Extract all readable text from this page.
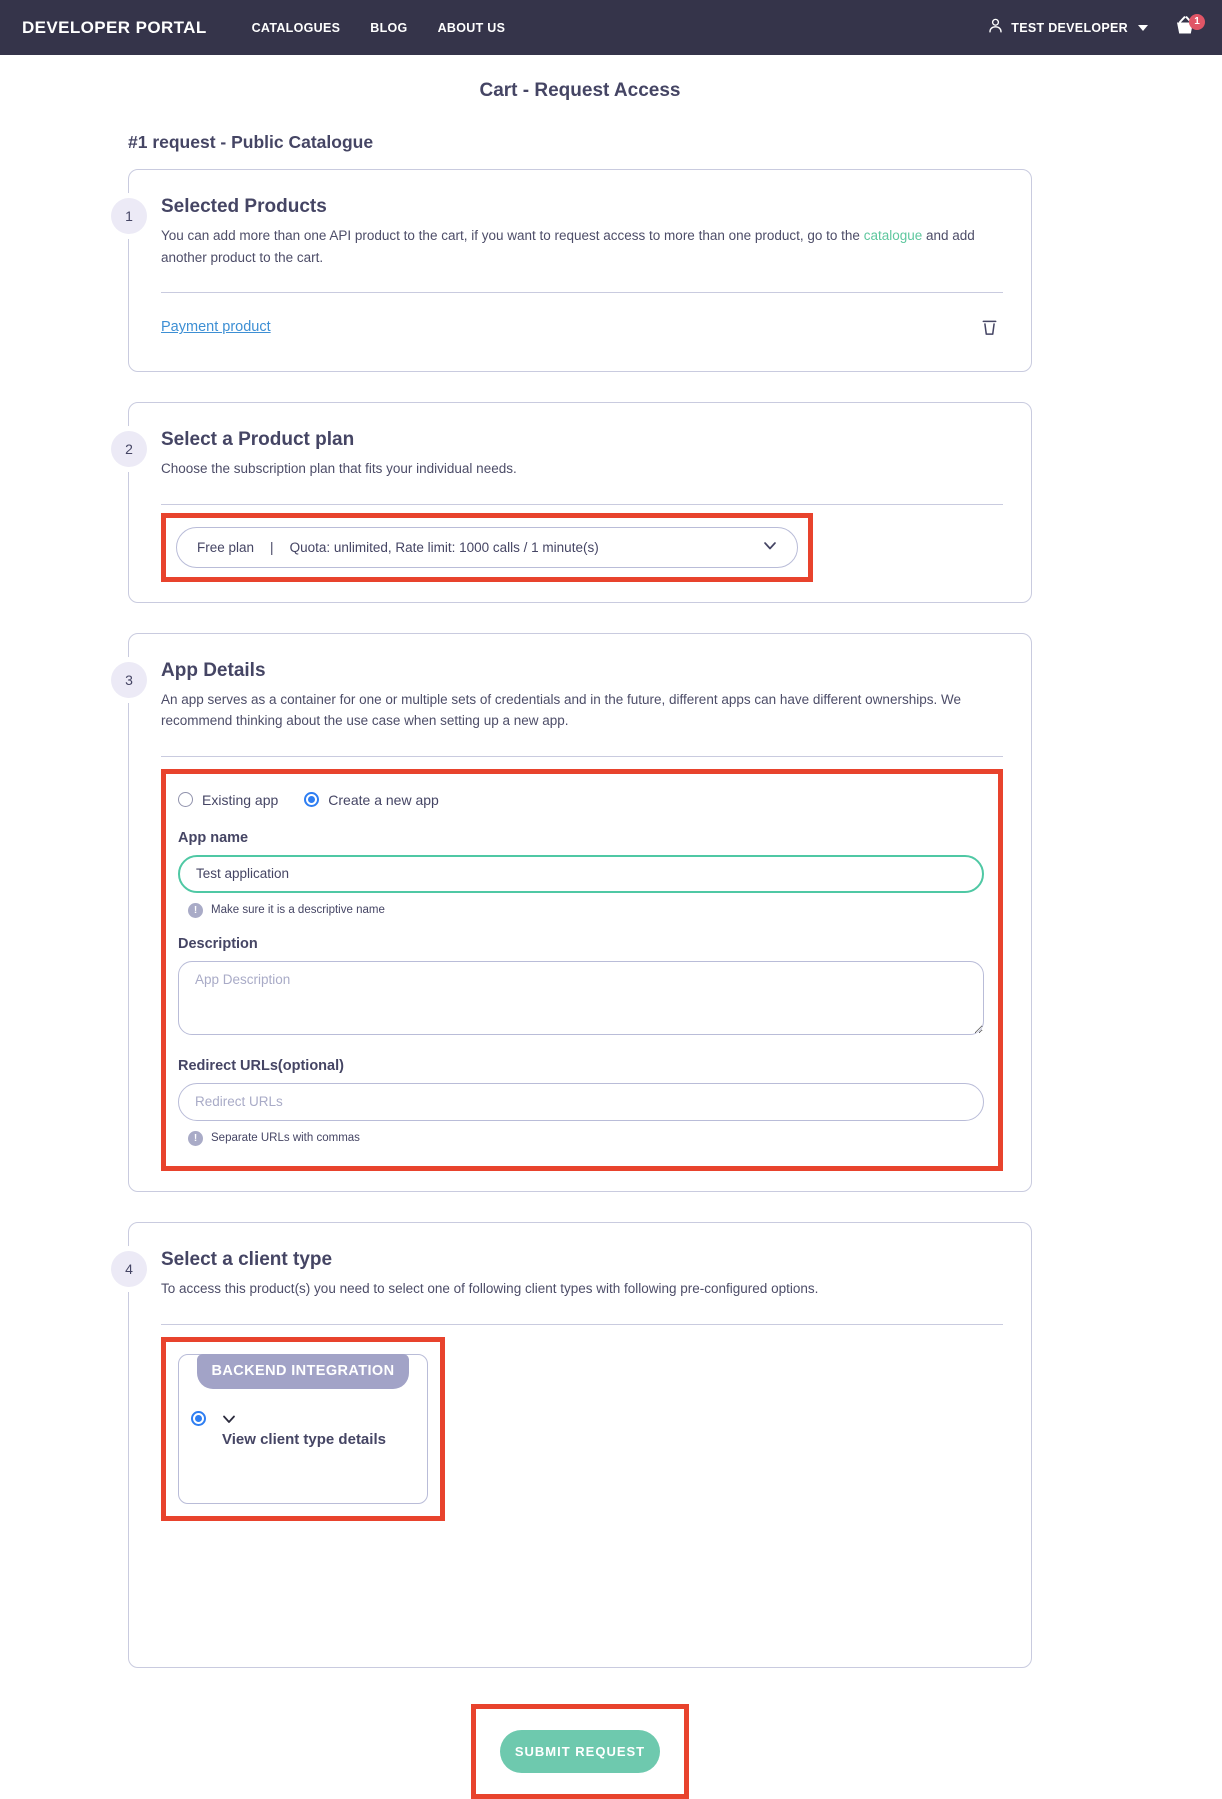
DEVELOPER PORTAL	CATALOGUES BLOG ABOUT US	TEST DEVELOPER	1
Cart - Request Access
#1 request - Public Catalogue
1	Selected Products

You can add more than one API product to the cart, if you want to request access to more than one product, go to the catalogue and add another product to the cart.

Payment product
2	Select a Product plan

Choose the subscription plan that fits your individual needs.

Free plan | Quota: unlimited, Rate limit: 1000 calls / 1 minute(s)
3	App Details

An app serves as a container for one or multiple sets of credentials and in the future, different apps can have different ownerships. We recommend thinking about the use case when setting up a new app.

Existing app	Create a new app
App name
Test application
!	Make sure it is a descriptive name
Description
App Description
Redirect URLs(optional)
Redirect URLs
!	Separate URLs with commas
4	Select a client type

To access this product(s) you need to select one of following client types with following pre-configured options.

BACKEND INTEGRATION
View client type details
SUBMIT REQUEST
